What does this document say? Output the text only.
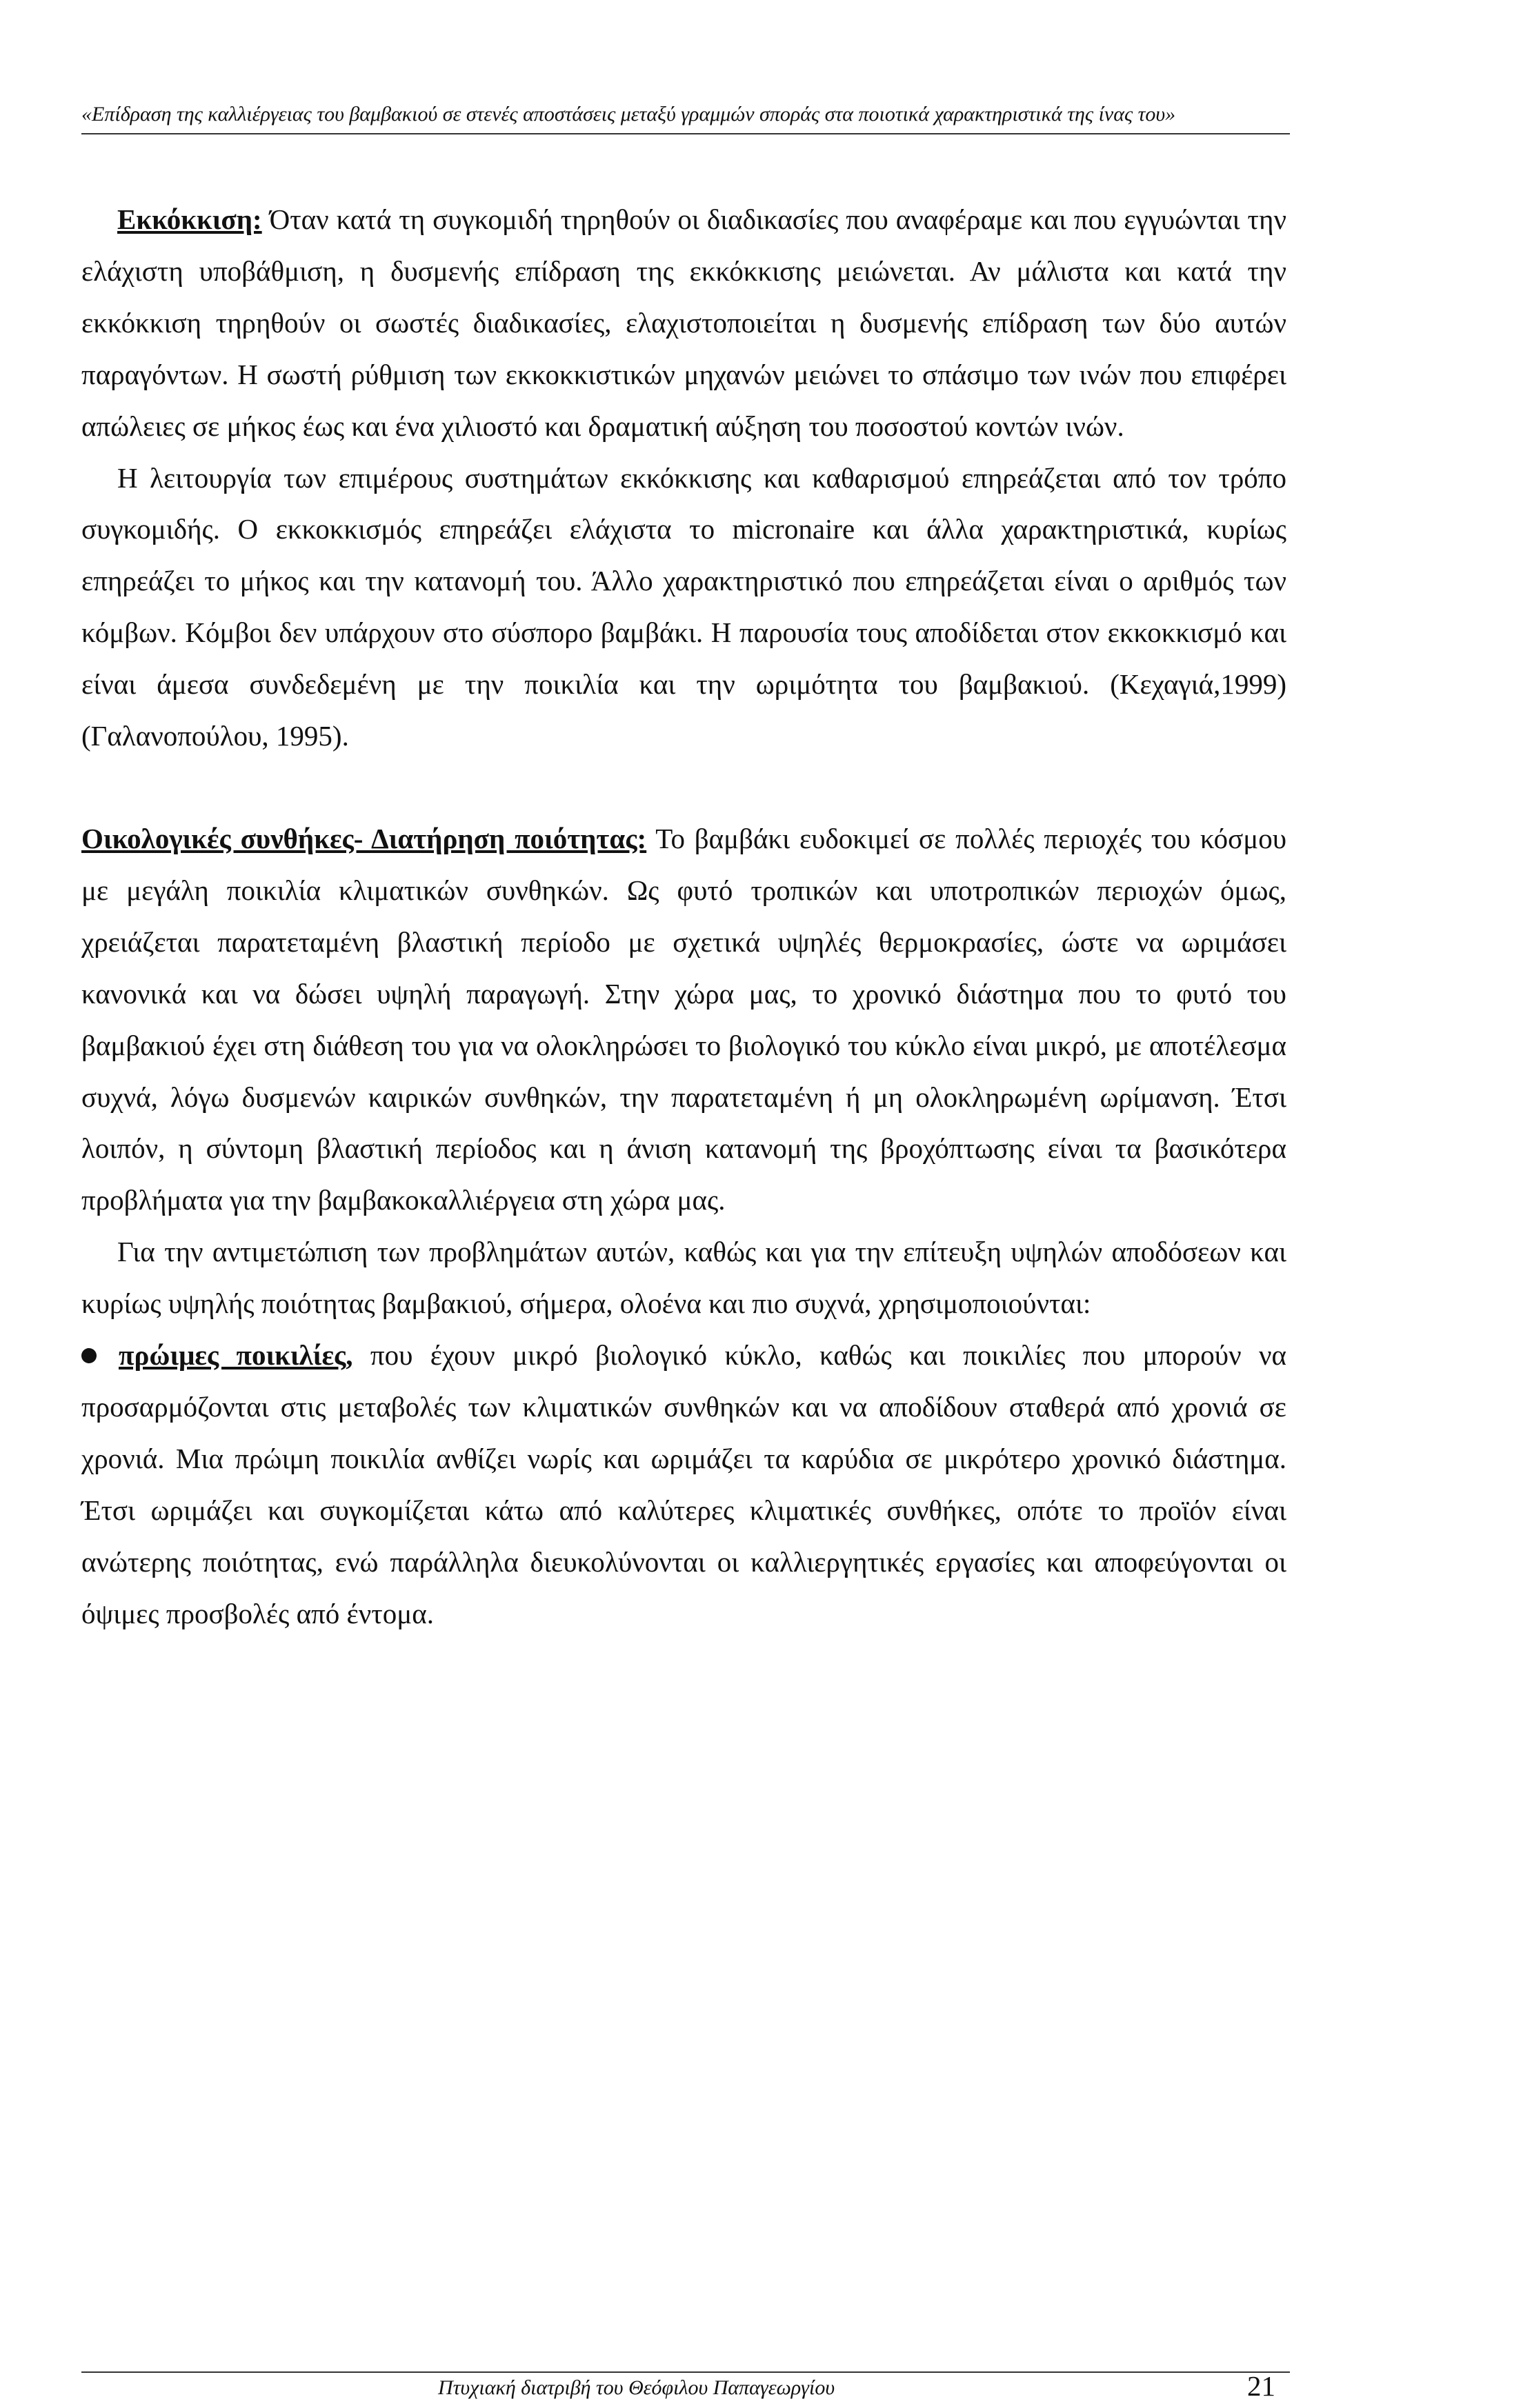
«Επίδραση της καλλιέργειας του βαμβακιού σε στενές αποστάσεις μεταξύ γραμμών σποράς στα ποιοτικά χαρακτηριστικά της ίνας του»

Εκκόκκιση: Όταν κατά τη συγκομιδή τηρηθούν οι διαδικασίες που αναφέραμε και που εγγυώνται την ελάχιστη υποβάθμιση, η δυσμενής επίδραση της εκκόκκισης μειώνεται. Αν μάλιστα και κατά την εκκόκκιση τηρηθούν οι σωστές διαδικασίες, ελαχιστοποιείται η δυσμενής επίδραση των δύο αυτών παραγόντων. Η σωστή ρύθμιση των εκκοκκιστικών μηχανών μειώνει το σπάσιμο των ινών που επιφέρει απώλειες σε μήκος έως και ένα χιλιοστό και δραματική αύξηση του ποσοστού κοντών ινών.

Η λειτουργία των επιμέρους συστημάτων εκκόκκισης και καθαρισμού επηρεάζεται από τον τρόπο συγκομιδής. Ο εκκοκκισμός επηρεάζει ελάχιστα το micronaire και άλλα χαρακτηριστικά, κυρίως επηρεάζει το μήκος και την κατανομή του. Άλλο χαρακτηριστικό που επηρεάζεται είναι ο αριθμός των κόμβων. Κόμβοι δεν υπάρχουν στο σύσπορο βαμβάκι. Η παρουσία τους αποδίδεται στον εκκοκκισμό και είναι άμεσα συνδεδεμένη με την ποικιλία και την ωριμότητα του βαμβακιού. (Κεχαγιά,1999)(Γαλανοπούλου, 1995).

Οικολογικές συνθήκες- Διατήρηση ποιότητας: Το βαμβάκι ευδοκιμεί σε πολλές περιοχές του κόσμου με μεγάλη ποικιλία κλιματικών συνθηκών. Ως φυτό τροπικών και υποτροπικών περιοχών όμως, χρειάζεται παρατεταμένη βλαστική περίοδο με σχετικά υψηλές θερμοκρασίες, ώστε να ωριμάσει κανονικά και να δώσει υψηλή παραγωγή. Στην χώρα μας, το χρονικό διάστημα που το φυτό του βαμβακιού έχει στη διάθεση του για να ολοκληρώσει το βιολογικό του κύκλο είναι μικρό, με αποτέλεσμα συχνά, λόγω δυσμενών καιρικών συνθηκών, την παρατεταμένη ή μη ολοκληρωμένη ωρίμανση. Έτσι λοιπόν, η σύντομη βλαστική περίοδος και η άνιση κατανομή της βροχόπτωσης είναι τα βασικότερα προβλήματα για την βαμβακοκαλλιέργεια στη χώρα μας.

Για την αντιμετώπιση των προβλημάτων αυτών, καθώς και για την επίτευξη υψηλών αποδόσεων και κυρίως υψηλής ποιότητας βαμβακιού, σήμερα, ολοένα και πιο συχνά, χρησιμοποιούνται:

πρώιμες ποικιλίες, που έχουν μικρό βιολογικό κύκλο, καθώς και ποικιλίες που μπορούν να προσαρμόζονται στις μεταβολές των κλιματικών συνθηκών και να αποδίδουν σταθερά από χρονιά σε χρονιά. Μια πρώιμη ποικιλία ανθίζει νωρίς και ωριμάζει τα καρύδια σε μικρότερο χρονικό διάστημα. Έτσι ωριμάζει και συγκομίζεται κάτω από καλύτερες κλιματικές συνθήκες, οπότε το προϊόν είναι ανώτερης ποιότητας, ενώ παράλληλα διευκολύνονται οι καλλιεργητικές εργασίες και αποφεύγονται οι όψιμες προσβολές από έντομα.

Πτυχιακή διατριβή του Θεόφιλου Παπαγεωργίου	21
